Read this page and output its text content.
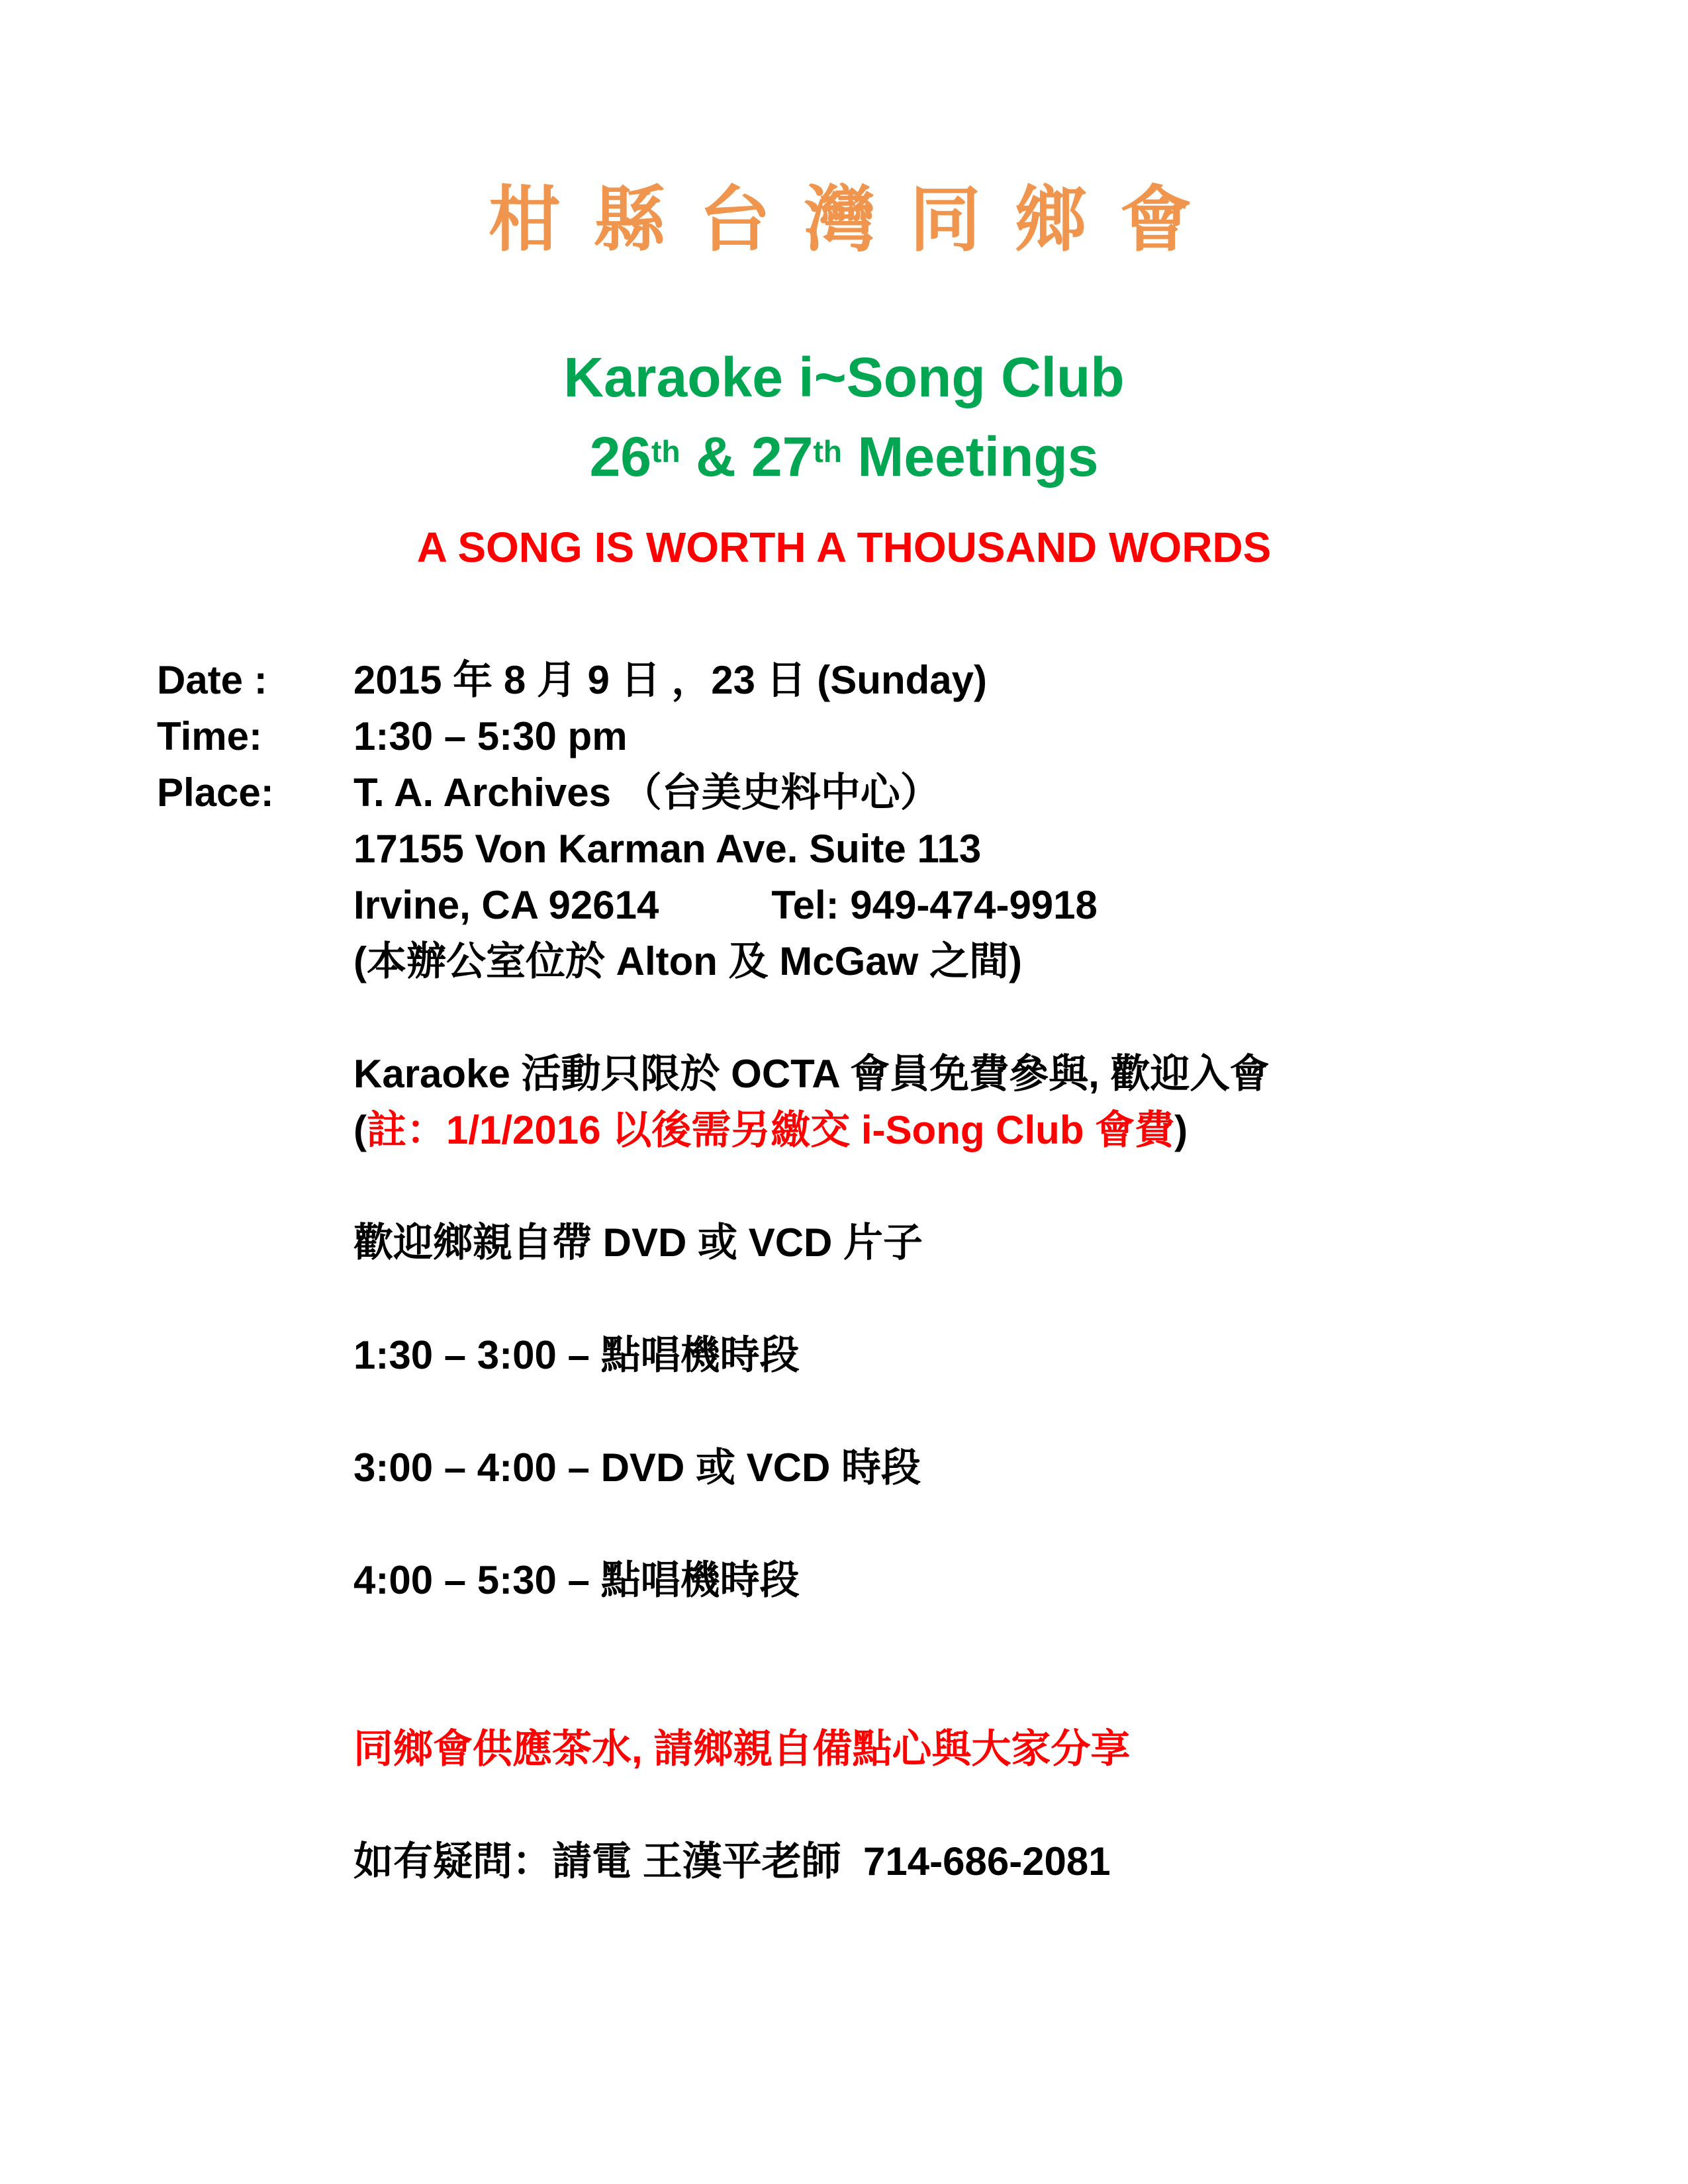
柑 縣 台 灣 同 鄉 會
Karaoke i~Song Club
26th & 27th Meetings
A SONG IS WORTH A THOUSAND WORDS
Date :	2015 年 8 月 9 日 ，23 日 (Sunday)
Time:	1:30 – 5:30 pm
Place:	T. A. Archives （台美史料中心）
17155 Von Karman Ave. Suite 113
Irvine, CA 92614	Tel: 949-474-9918
(本辦公室位於 Alton 及 McGaw 之間)

Karaoke 活動只限於 OCTA 會員免費參與, 歡迎入會

(註：1/1/2016 以後需另繳交 i-Song Club 會費)

歡迎鄉親自帶 DVD 或 VCD 片子

1:30 – 3:00 – 點唱機時段

3:00 – 4:00 – DVD 或 VCD 時段

4:00 – 5:30 – 點唱機時段

同鄉會供應茶水, 請鄉親自備點心與大家分享

如有疑問：請電 王漢平老師  714-686-2081
